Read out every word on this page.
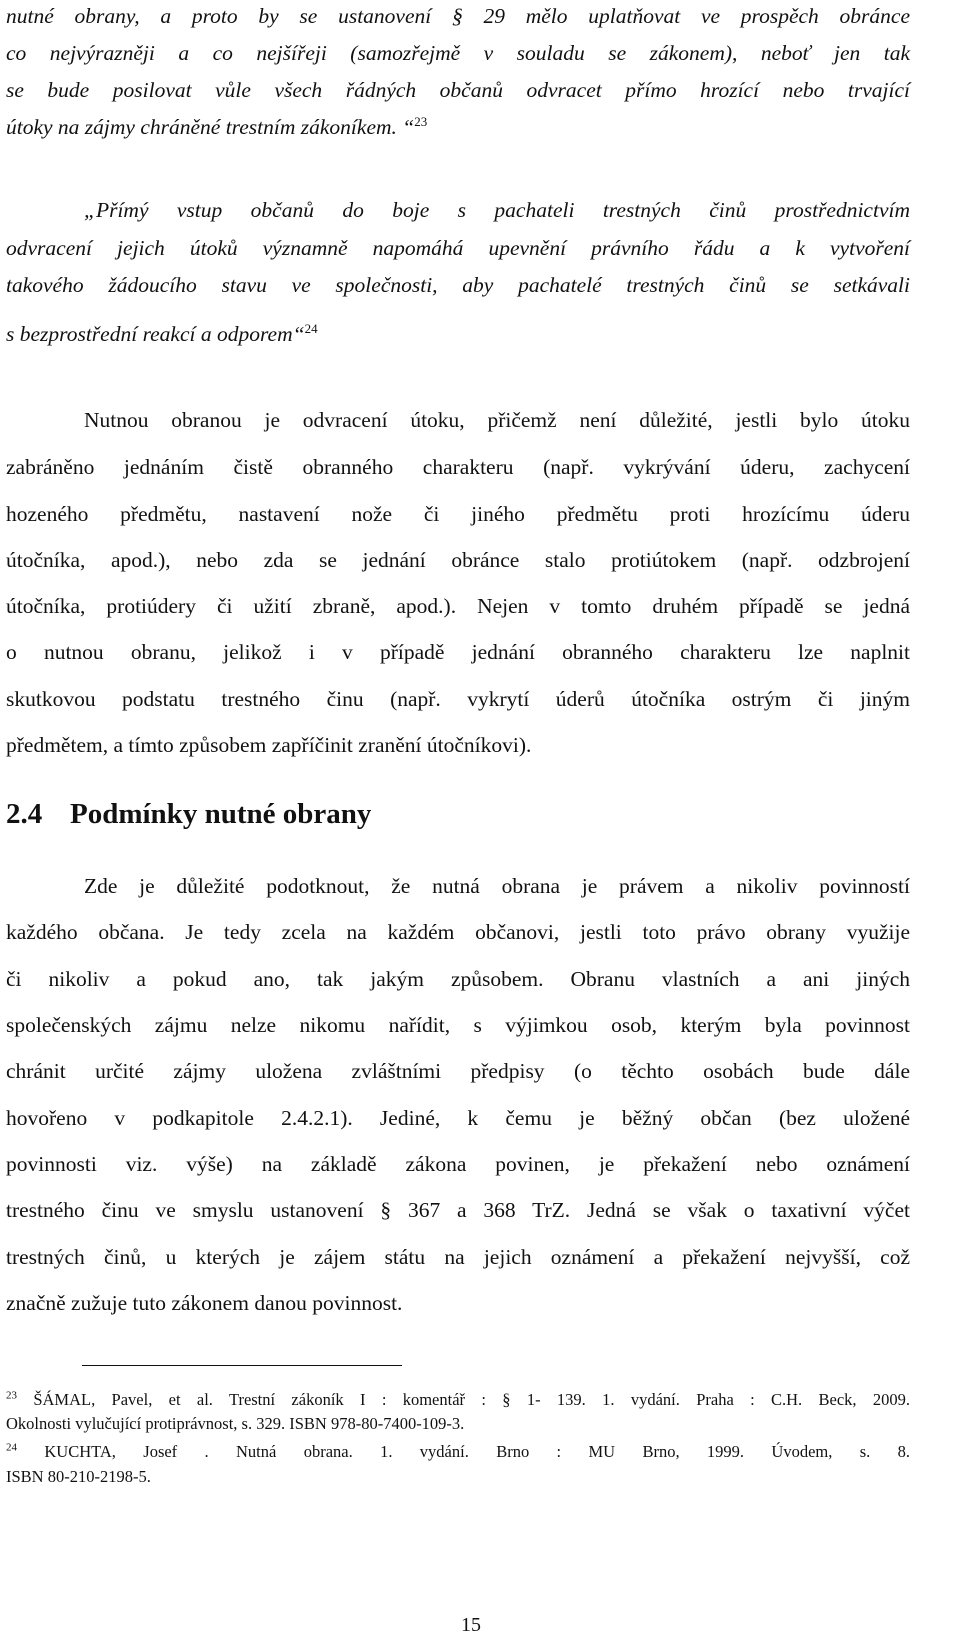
nutné obrany, a proto by se ustanovení § 29 mělo uplatňovat ve prospěch obránce
co nejvýrazněji a co nejšířeji (samozřejmě v souladu se zákonem), neboť jen tak
se bude posilovat vůle všech řádných občanů odvracet přímo hrozící nebo trvající
útoky na zájmy chráněné trestním zákoníkem. “$^{23}$
„Přímý vstup občanů do boje s pachateli trestných činů prostřednictvím
odvracení jejich útoků významně napomáhá upevnění právního řádu a k vytvoření
takového žádoucího stavu ve společnosti, aby pachatelé trestných činů se setkávali
s bezprostřední reakcí a odporem“$^{24}$
Nutnou obranou je odvracení útoku, přičemž není důležité, jestli bylo útoku
zabráněno jednáním čistě obranného charakteru (např. vykrývání úderu, zachycení
hozeného předmětu, nastavení nože či jiného předmětu proti hrozícímu úderu
útočníka, apod.), nebo zda se jednání obránce stalo protiútokem (např. odzbrojení
útočníka, protiúdery či užití zbraně, apod.). Nejen v tomto druhém případě se jedná
o nutnou obranu, jelikož i v případě jednání obranného charakteru lze naplnit
skutkovou podstatu trestného činu (např. vykrytí úderů útočníka ostrým či jiným
předmětem, a tímto způsobem zapříčinit zranění útočníkovi).
2.4 Podmínky nutné obrany
Zde je důležité podotknout, že nutná obrana je právem a nikoliv povinností
každého občana. Je tedy zcela na každém občanovi, jestli toto právo obrany využije
či nikoliv a pokud ano, tak jakým způsobem. Obranu vlastních a ani jiných
společenských zájmu nelze nikomu nařídit, s výjimkou osob, kterým byla povinnost
chránit určité zájmy uložena zvláštními předpisy (o těchto osobách bude dále
hovořeno v podkapitole 2.4.2.1). Jediné, k čemu je běžný občan (bez uložené
povinnosti viz. výše) na základě zákona povinen, je překažení nebo oznámení
trestného činu ve smyslu ustanovení § 367 a 368 TrZ. Jedná se však o taxativní výčet
trestných činů, u kterých je zájem státu na jejich oznámení a překažení nejvyšší, což
značně zužuje tuto zákonem danou povinnost.
$^{23}$ ŠÁMAL, Pavel, et al. Trestní zákoník I : komentář : § 1- 139. 1. vydání. Praha : C.H. Beck, 2009.
Okolnosti vylučující protiprávnost, s. 329. ISBN 978-80-7400-109-3.
$^{24}$ KUCHTA, Josef . Nutná obrana. 1. vydání. Brno : MU Brno, 1999. Úvodem, s. 8.
ISBN 80-210-2198-5.
15
